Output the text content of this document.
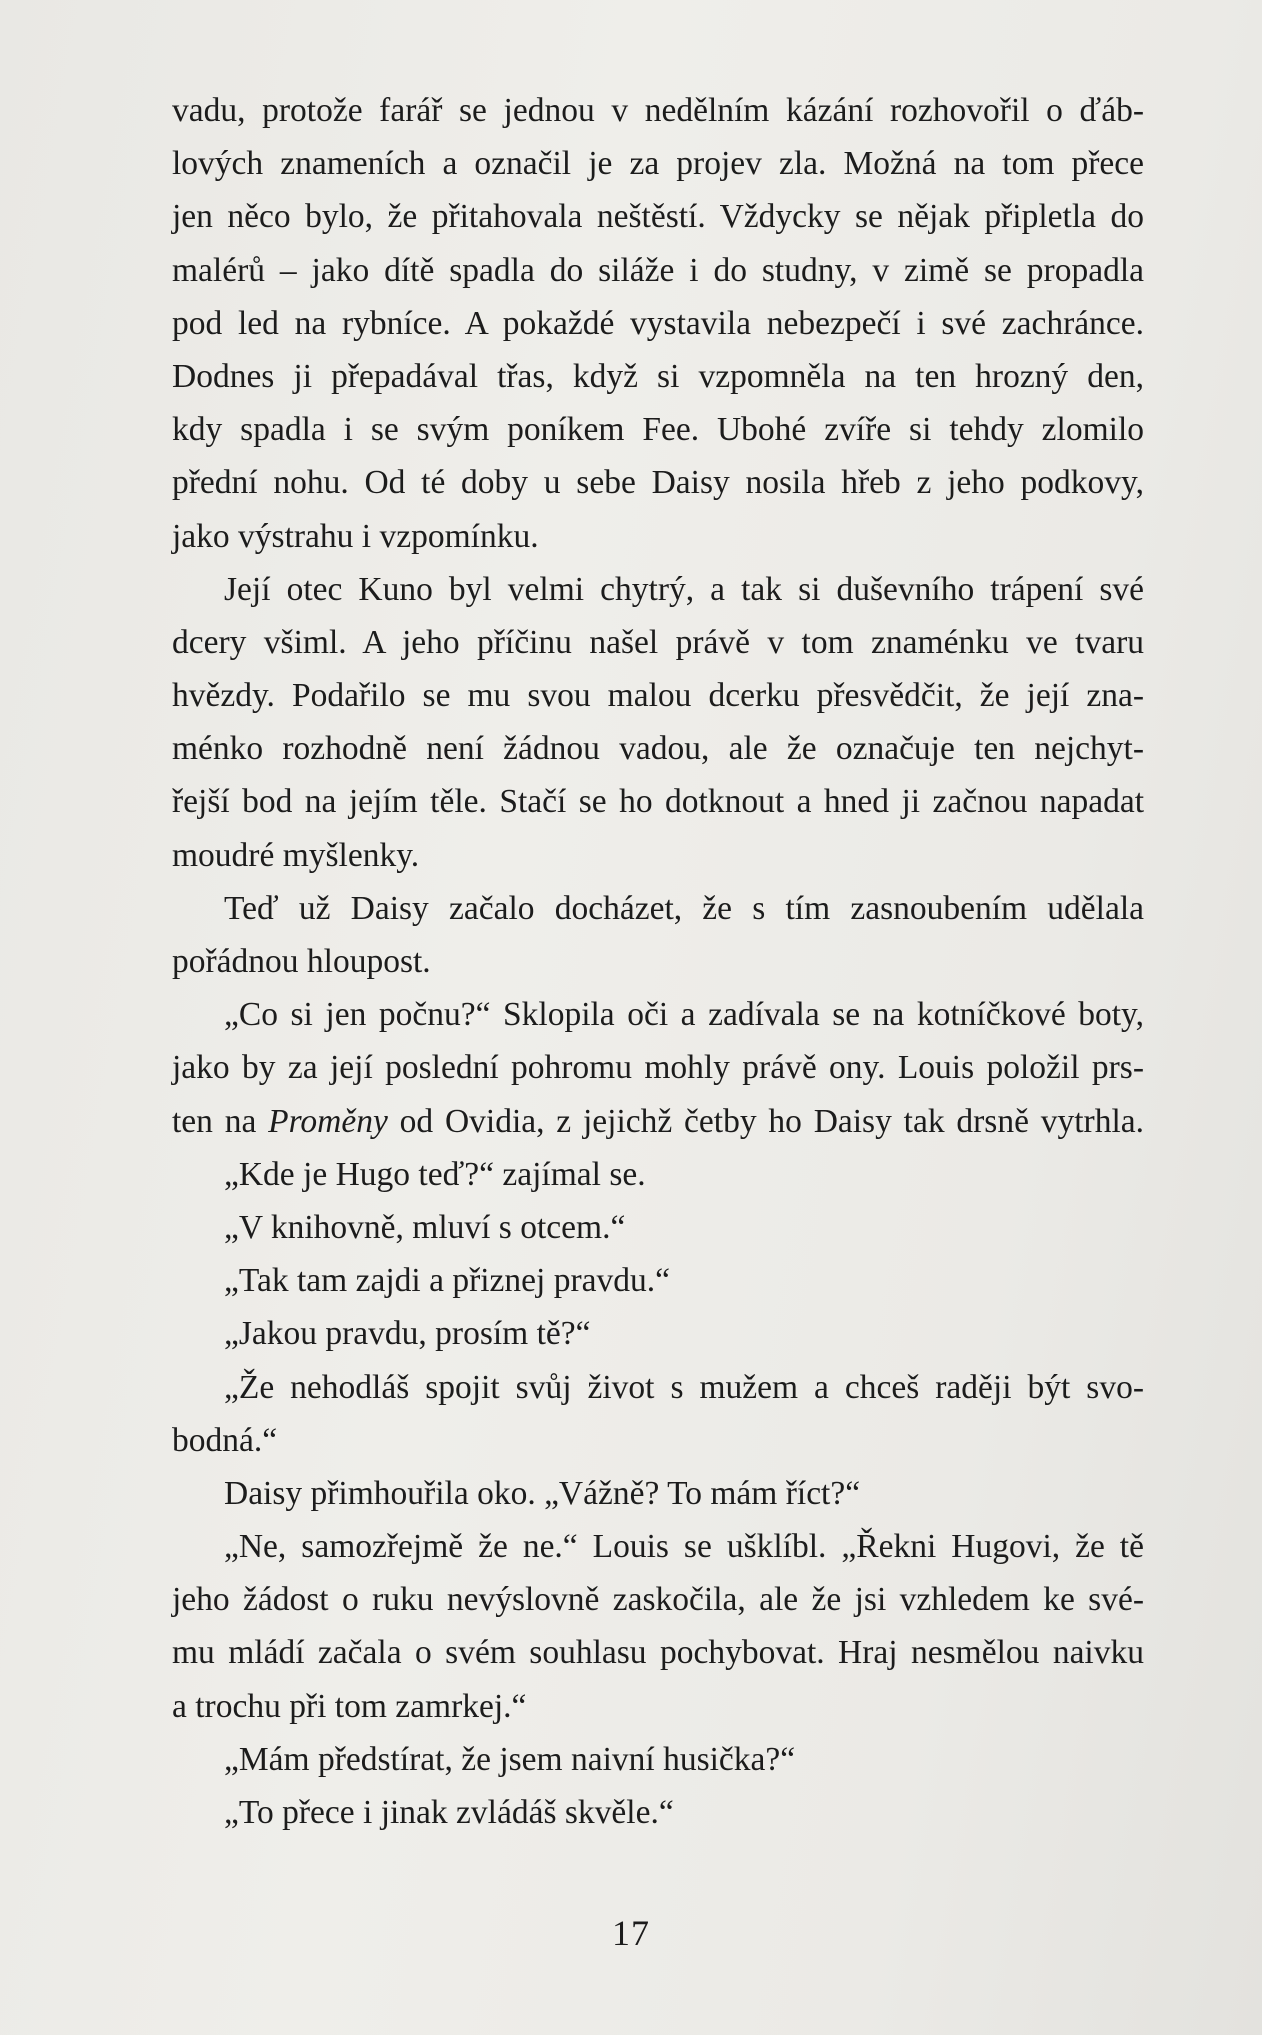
vadu, protože farář se jednou v nedělním kázání rozhovořil o ďáb-
lových znameních a označil je za projev zla. Možná na tom přece
jen něco bylo, že přitahovala neštěstí. Vždycky se nějak připletla do
malérů – jako dítě spadla do siláže i do studny, v zimě se propadla
pod led na rybníce. A pokaždé vystavila nebezpečí i své zachránce.
Dodnes ji přepadával třas, když si vzpomněla na ten hrozný den,
kdy spadla i se svým poníkem Fee. Ubohé zvíře si tehdy zlomilo
přední nohu. Od té doby u sebe Daisy nosila hřeb z jeho podkovy,
jako výstrahu i vzpomínku.
Její otec Kuno byl velmi chytrý, a tak si duševního trápení své
dcery všiml. A jeho příčinu našel právě v tom znaménku ve tvaru
hvězdy. Podařilo se mu svou malou dcerku přesvědčit, že její zna-
ménko rozhodně není žádnou vadou, ale že označuje ten nejchyt-
řejší bod na jejím těle. Stačí se ho dotknout a hned ji začnou napadat
moudré myšlenky.
Teď už Daisy začalo docházet, že s tím zasnoubením udělala
pořádnou hloupost.
„Co si jen počnu?“ Sklopila oči a zadívala se na kotníčkové boty,
jako by za její poslední pohromu mohly právě ony. Louis položil prs-
ten na Proměny od Ovidia, z jejichž četby ho Daisy tak drsně vytrhla.
„Kde je Hugo teď?“ zajímal se.
„V knihovně, mluví s otcem.“
„Tak tam zajdi a přiznej pravdu.“
„Jakou pravdu, prosím tě?“
„Že nehodláš spojit svůj život s mužem a chceš raději být svo-
bodná.“
Daisy přimhouřila oko. „Vážně? To mám říct?“
„Ne, samozřejmě že ne.“ Louis se ušklíbl. „Řekni Hugovi, že tě
jeho žádost o ruku nevýslovně zaskočila, ale že jsi vzhledem ke své-
mu mládí začala o svém souhlasu pochybovat. Hraj nesmělou naivku
a trochu při tom zamrkej.“
„Mám předstírat, že jsem naivní husička?“
„To přece i jinak zvládáš skvěle.“
17
